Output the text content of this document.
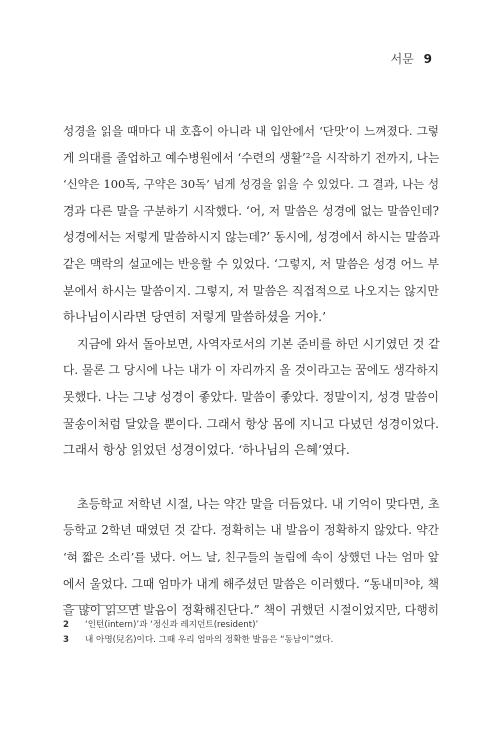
서문 9
성경을 읽을 때마다 내 호흡이 아니라 내 입안에서 ‘단맛’이 느껴졌다. 그렇
게 의대를 졸업하고 예수병원에서 ‘수련의 생활’²을 시작하기 전까지, 나는
‘신약은 100독, 구약은 30독’ 넘게 성경을 읽을 수 있었다. 그 결과, 나는 성
경과 다른 말을 구분하기 시작했다. ‘어, 저 말씀은 성경에 없는 말씀인데?
성경에서는 저렇게 말씀하시지 않는데?’ 동시에, 성경에서 하시는 말씀과
같은 맥락의 설교에는 반응할 수 있었다. ‘그렇지, 저 말씀은 성경 어느 부
분에서 하시는 말씀이지. 그렇지, 저 말씀은 직접적으로 나오지는 않지만
하나님이시라면 당연히 저렇게 말씀하셨을 거야.’
지금에 와서 돌아보면, 사역자로서의 기본 준비를 하던 시기였던 것 같
다. 물론 그 당시에 나는 내가 이 자리까지 올 것이라고는 꿈에도 생각하지
못했다. 나는 그냥 성경이 좋았다. 말씀이 좋았다. 정말이지, 성경 말씀이
꿀송이처럼 달았을 뿐이다. 그래서 항상 몸에 지니고 다녔던 성경이었다.
그래서 항상 읽었던 성경이었다. ‘하나님의 은혜’였다.
초등학교 저학년 시절, 나는 약간 말을 더듬었다. 내 기억이 맞다면, 초
등학교 2학년 때였던 것 같다. 정확히는 내 발음이 정확하지 않았다. 약간
‘혀 짧은 소리’를 냈다. 어느 날, 친구들의 놀림에 속이 상했던 나는 엄마 앞
에서 울었다. 그때 엄마가 내게 해주셨던 말씀은 이러했다. “동내미³야, 책
을 많이 읽으면 발음이 정확해진단다.” 책이 귀했던 시절이었지만, 다행히
2 ‘인턴(intern)’과 ‘정신과 레지던트(resident)’
3 내 아명(兒名)이다. 그때 우리 엄마의 정확한 발음은 “동남이”였다.
